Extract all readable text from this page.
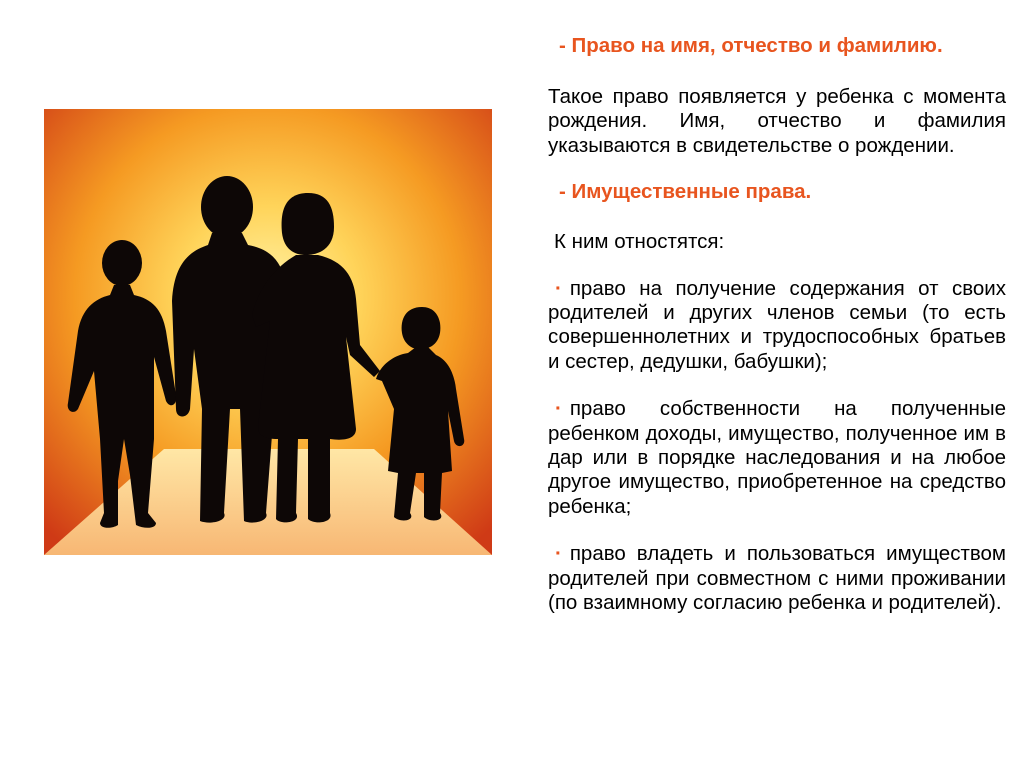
- Право на имя, отчество и фамилию.

Такое право появляется у ребенка с момента рождения. Имя, отчество и фамилия указываются в свидетельстве о рождении.

- Имущественные права.

К ним отностятся:

· право на получение содержания от своих родителей и других членов семьи (то есть совершеннолетних и трудоспособных братьев и сестер, дедушки, бабушки);

· право собственности на полученные ребенком доходы, имущество, полученное им в дар или в порядке наследования и на любое другое имущество, приобретенное на средство ребенка;

· право владеть и пользоваться имуществом родителей при совместном с ними проживании (по взаимному согласию ребенка и родителей).
